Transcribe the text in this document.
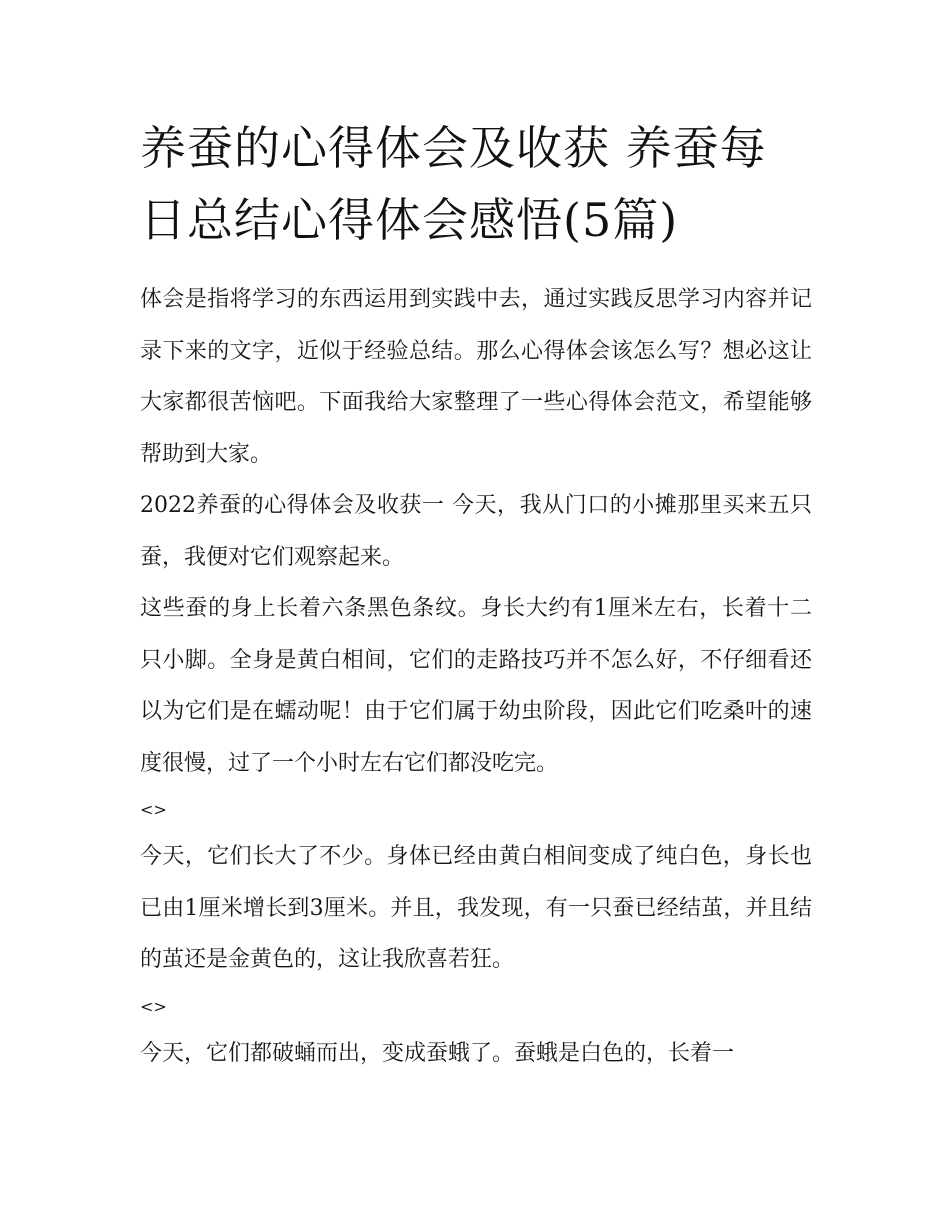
养蚕的心得体会及收获 养蚕每日总结心得体会感悟(5篇)

体会是指将学习的东西运用到实践中去，通过实践反思学习内容并记录下来的文字，近似于经验总结。那么心得体会该怎么写？想必这让大家都很苦恼吧。下面我给大家整理了一些心得体会范文，希望能够帮助到大家。

2022养蚕的心得体会及收获一 今天，我从门口的小摊那里买来五只蚕，我便对它们观察起来。

这些蚕的身上长着六条黑色条纹。身长大约有1厘米左右，长着十二只小脚。全身是黄白相间，它们的走路技巧并不怎么好，不仔细看还以为它们是在蠕动呢！由于它们属于幼虫阶段，因此它们吃桑叶的速度很慢，过了一个小时左右它们都没吃完。

<>

今天，它们长大了不少。身体已经由黄白相间变成了纯白色，身长也已由1厘米增长到3厘米。并且，我发现，有一只蚕已经结茧，并且结的茧还是金黄色的，这让我欣喜若狂。

<>

今天，它们都破蛹而出，变成蚕蛾了。蚕蛾是白色的，长着一
